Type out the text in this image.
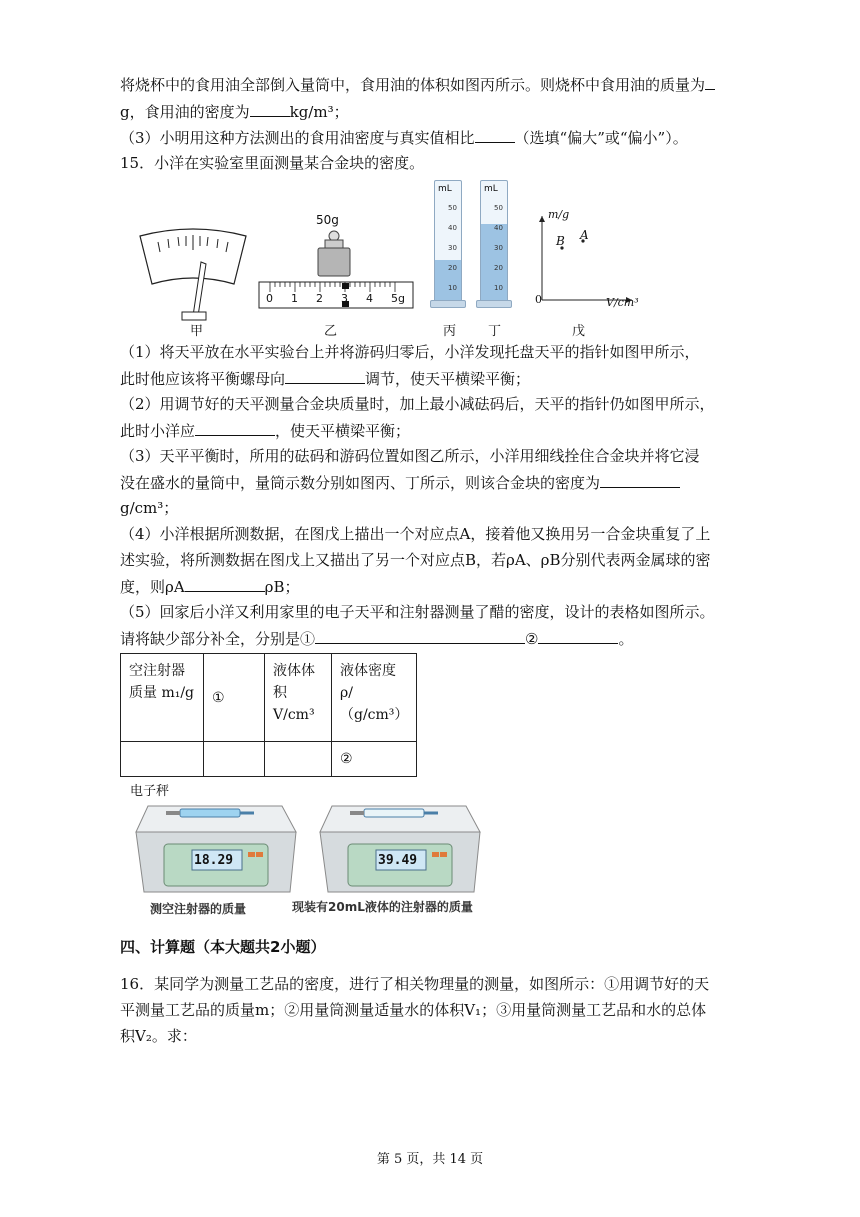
将烧杯中的食用油全部倒入量筒中，食用油的体积如图丙所示。则烧杯中食用油的质量为
g，食用油的密度为	kg/m³；
（3）小明用这种方法测出的食用油密度与真实值相比	（选填“偏大”或“偏小”）。
15．小洋在实验室里面测量某合金块的密度。
甲
50g
0 1 2 3 4 5g
乙
mL
50
40
30
20
10
丙
mL
50
40
30
20
10
丁
m/g
V/cm³
0
B A
戊
（1）将天平放在水平实验台上并将游码归零后，小洋发现托盘天平的指针如图甲所示，
此时他应该将平衡螺母向	调节，使天平横梁平衡；
（2）用调节好的天平测量合金块质量时，加上最小减砝码后，天平的指针仍如图甲所示，
此时小洋应	，使天平横梁平衡；
（3）天平平衡时，所用的砝码和游码位置如图乙所示，小洋用细线拴住合金块并将它浸
没在盛水的量筒中，量筒示数分别如图丙、丁所示，则该合金块的密度为
g/cm³；
（4）小洋根据所测数据，在图戊上描出一个对应点A，接着他又换用另一合金块重复了上
述实验，将所测数据在图戊上又描出了另一个对应点B，若ρA、ρB分别代表两金属球的密
度，则ρA	ρB；
（5）回家后小洋又利用家里的电子天平和注射器测量了醋的密度，设计的表格如图所示。
请将缺少部分补全，分别是①	②	。
空注射器质量 m₁/g	①	液体体积 V/cm³	液体密度ρ/（g/cm³）
			②
电子秤
18.29
测空注射器的质量
39.49
现装有20mL液体的注射器的质量
四、计算题（本大题共2小题）
16．某同学为测量工艺品的密度，进行了相关物理量的测量，如图所示：①用调节好的天
平测量工艺品的质量m；②用量筒测量适量水的体积V₁；③用量筒测量工艺品和水的总体
积V₂。求：
第 5 页，共 14 页
